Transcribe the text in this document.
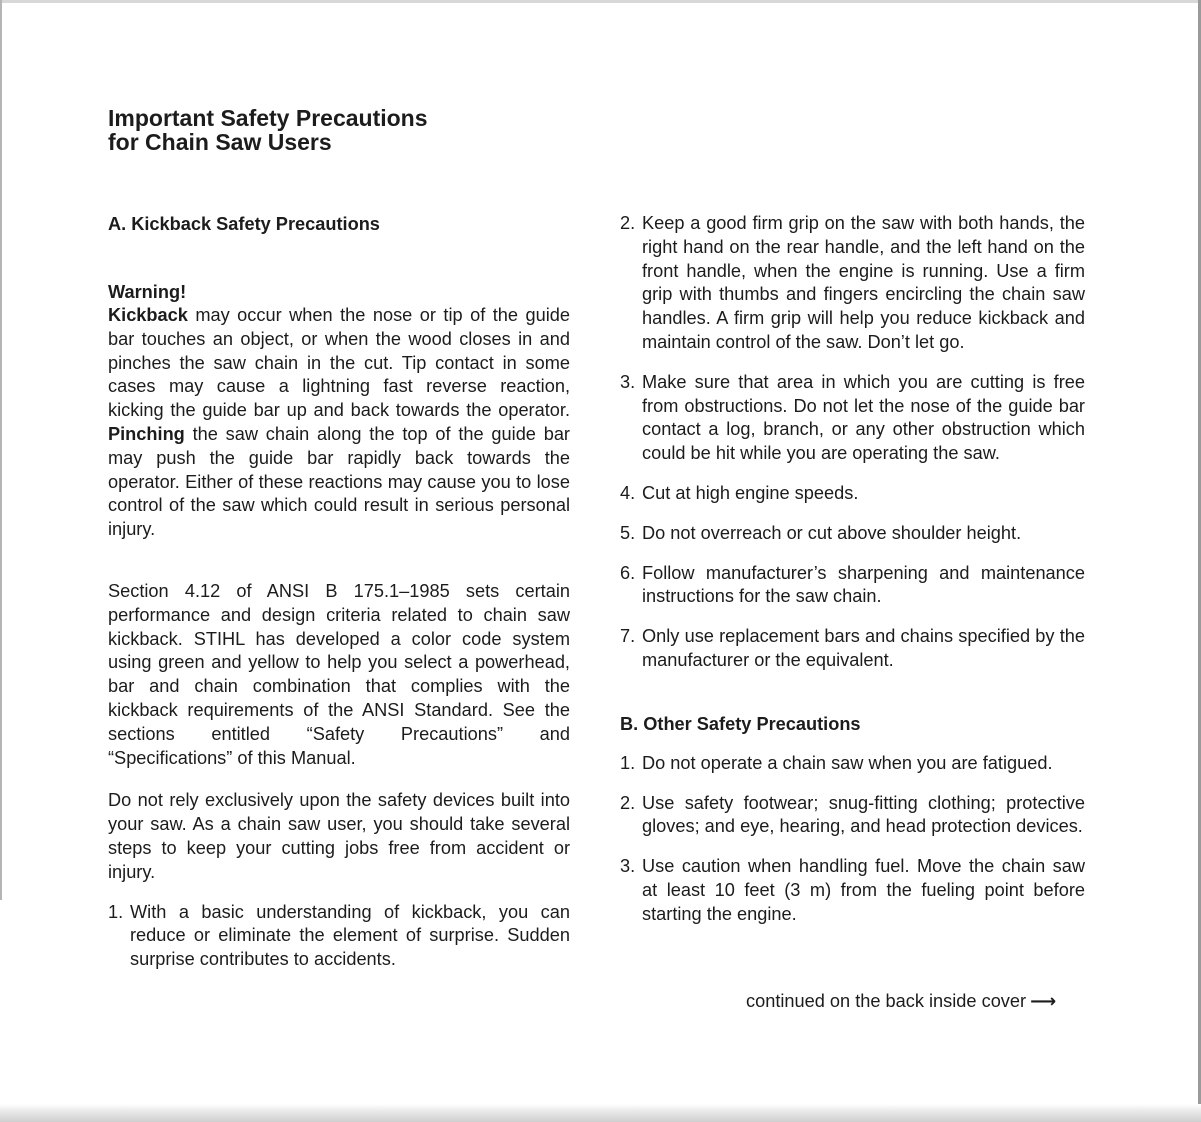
Important Safety Precautions
for Chain Saw Users
A. Kickback Safety Precautions
Warning!

Kickback may occur when the nose or tip of the guide bar touches an object, or when the wood closes in and pinches the saw chain in the cut. Tip contact in some cases may cause a lightning fast reverse reaction, kicking the guide bar up and back towards the operator. Pinching the saw chain along the top of the guide bar may push the guide bar rapidly back towards the operator. Either of these reactions may cause you to lose control of the saw which could result in serious personal injury.

Section 4.12 of ANSI B 175.1–1985 sets certain performance and design criteria related to chain saw kickback. STIHL has developed a color code system using green and yellow to help you select a powerhead, bar and chain combination that complies with the kickback requirements of the ANSI Standard. See the sections entitled “Safety Precautions” and “Specifications” of this Manual.

Do not rely exclusively upon the safety devices built into your saw. As a chain saw user, you should take several steps to keep your cutting jobs free from accident or injury.

1. With a basic understanding of kickback, you can reduce or eliminate the element of surprise. Sudden surprise contributes to accidents.
2. Keep a good firm grip on the saw with both hands, the right hand on the rear handle, and the left hand on the front handle, when the engine is running. Use a firm grip with thumbs and fingers encircling the chain saw handles. A firm grip will help you reduce kickback and maintain control of the saw. Don’t let go.
3. Make sure that area in which you are cutting is free from obstructions. Do not let the nose of the guide bar contact a log, branch, or any other obstruction which could be hit while you are operating the saw.
4. Cut at high engine speeds.
5. Do not overreach or cut above shoulder height.
6. Follow manufacturer’s sharpening and maintenance instructions for the saw chain.
7. Only use replacement bars and chains specified by the manufacturer or the equivalent.
B. Other Safety Precautions
1. Do not operate a chain saw when you are fatigued.
2. Use safety footwear; snug-fitting clothing; protective gloves; and eye, hearing, and head protection devices.
3. Use caution when handling fuel. Move the chain saw at least 10 feet (3 m) from the fueling point before starting the engine.
continued on the back inside cover ⟶
